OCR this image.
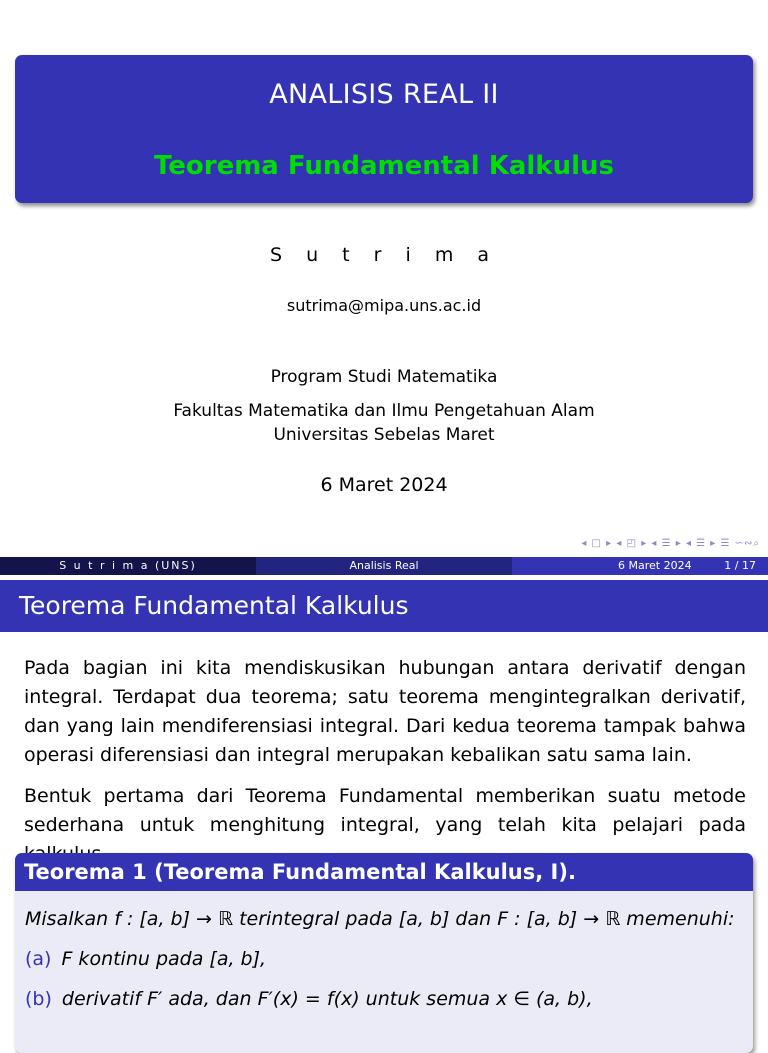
ANALISIS REAL II
Teorema Fundamental Kalkulus
S u t r i m a
sutrima@mipa.uns.ac.id
Program Studi Matematika
Fakultas Matematika dan Ilmu Pengetahuan Alam
Universitas Sebelas Maret
6 Maret 2024
◂ □ ▸ ◂ ◰ ▸ ◂ ☰ ▸ ◂ ☰ ▸ ☰ ∽∾⌕
S u t r i m a (UNS)	Analisis Real	6 Maret 2024	1 / 17
Teorema Fundamental Kalkulus
Pada bagian ini kita mendiskusikan hubungan antara derivatif dengan integral. Terdapat dua teorema; satu teorema mengintegralkan derivatif, dan yang lain mendiferensiasi integral. Dari kedua teorema tampak bahwa operasi diferensiasi dan integral merupakan kebalikan satu sama lain.
Bentuk pertama dari Teorema Fundamental memberikan suatu metode sederhana untuk menghitung integral, yang telah kita pelajari pada
Teorema 1 (Teorema Fundamental Kalkulus, I).
Misalkan f : [a, b] → ℝ terintegral pada [a, b] dan F : [a, b] → ℝ memenuhi:
(a) F kontinu pada [a, b],
(b) derivatif F′ ada, dan F′(x) = f(x) untuk semua x ∈ (a, b),
